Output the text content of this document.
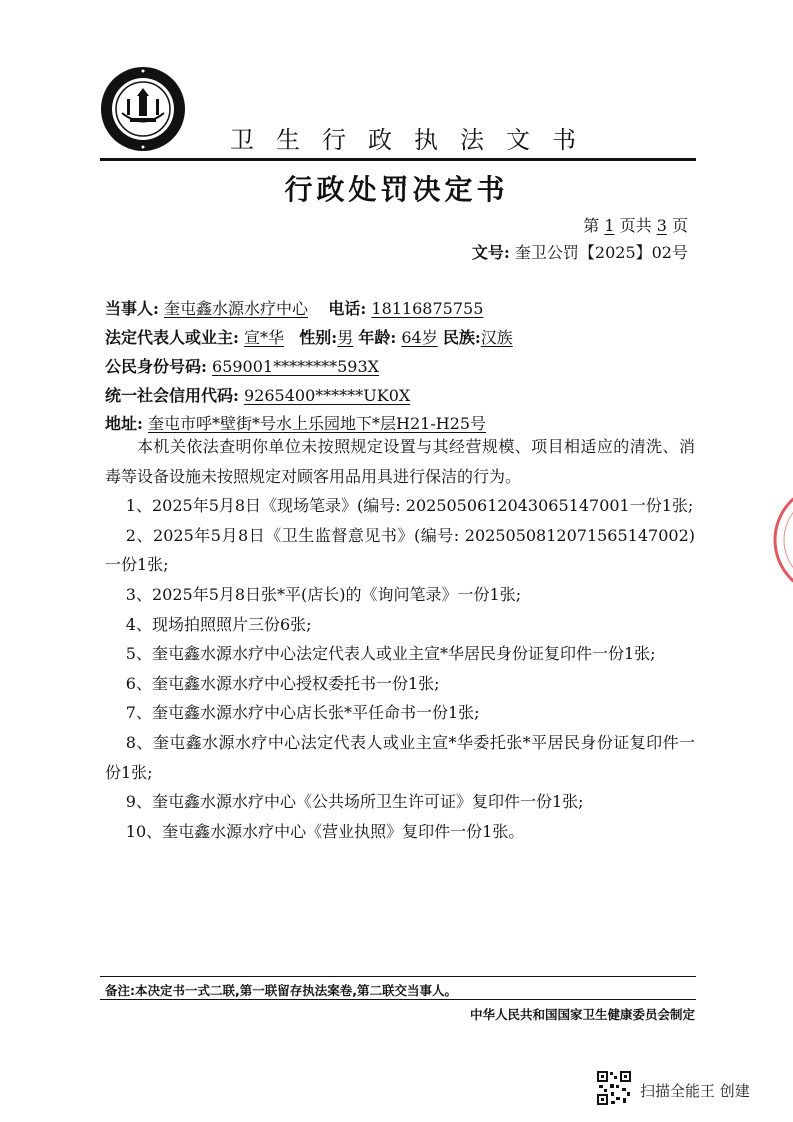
卫生行政执法文书
行政处罚决定书
第 1 页共 3 页
文号: 奎卫公罚【2025】02号
当事人: 奎屯鑫水源水疗中心 电话: 18116875755
法定代表人或业主: 宣*华 性别:男 年龄: 64岁 民族:汉族
公民身份号码: 659001********593X
统一社会信用代码: 9265400******UK0X
地址: 奎屯市呼*壁街*号水上乐园地下*层H21-H25号

本机关依法查明你单位未按照规定设置与其经营规模、项目相适应的清洗、消毒等设备设施未按照规定对顾客用品用具进行保洁的行为。

1、2025年5月8日《现场笔录》(编号: 20250506120430651470​01一份1张;

2、2025年5月8日《卫生监督意见书》(编号: 20250508120715651470​02)一份1张;

3、2025年5月8日张*平(店长)的《询问笔录》一份1张;

4、现场拍照照片三份6张;

5、奎屯鑫水源水疗中心法定代表人或业主宣*华居民身份证复印件一份1张;

6、奎屯鑫水源水疗中心授权委托书一份1张;

7、奎屯鑫水源水疗中心店长张*平任命书一份1张;

8、奎屯鑫水源水疗中心法定代表人或业主宣*华委托张*平居民身份证复印件一份1张;

9、奎屯鑫水源水疗中心《公共场所卫生许可证》复印件一份1张;

10、奎屯鑫水源水疗中心《营业执照》复印件一份1张。

备注:本决定书一式二联,第一联留存执法案卷,第二联交当事人。
中华人民共和国国家卫生健康委员会制定
扫描全能王 创建
